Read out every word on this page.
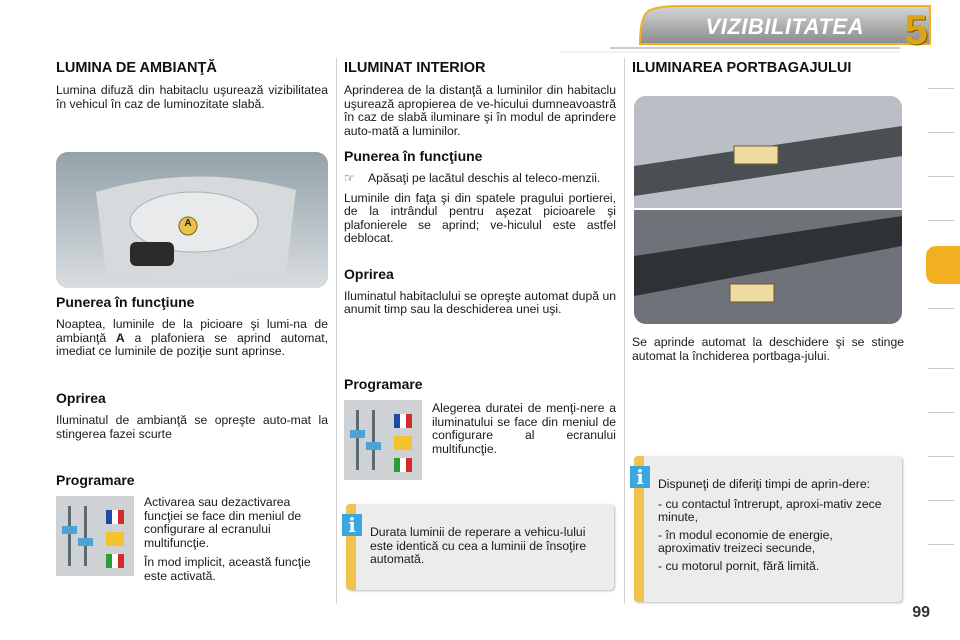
VIZIBILITATEA 5
LUMINA DE AMBIANŢĂ

Lumina difuză din habitaclu uşurează vizibilitatea în vehicul în caz de luminozitate slabă.

A
Punerea în funcţiune

Noaptea, luminile de la picioare şi lumi-na de ambianţă A a plafoniera se aprind automat, imediat ce luminile de poziţie sunt aprinse.

Oprirea

Iluminatul de ambianţă se opreşte auto-mat la stingerea fazei scurte

Programare

Activarea sau dezactivarea funcţiei se face din meniul de configurare al ecranului multifuncţie.

În mod implicit, această funcţie este activată.

ILUMINAT INTERIOR

Aprinderea de la distanţă a luminilor din habitaclu uşurează apropierea de ve-hicului dumneavoastră în caz de slabă iluminare şi în modul de aprindere auto-mată a luminilor.

Punerea în funcţiune
☞	Apăsaţi pe lacătul deschis al teleco-menzii.

Luminile din faţa şi din spatele pragului portierei, de la intrândul pentru aşezat picioarele şi plafonierele se aprind; ve-hiculul este astfel deblocat.

Oprirea

Iluminatul habitaclului se opreşte automat după un anumit timp sau la deschiderea unei uşi.

Programare

Alegerea duratei de menţi-nere a iluminatului se face din meniul de configurare al ecranului multifuncţie.

Durata luminii de reperare a vehicu-lului este identică cu cea a luminii de însoţire automată.

i
ILUMINAREA PORTBAGAJULUI

Se aprinde automat la deschidere şi se stinge automat la închiderea portbaga-jului.

Dispuneţi de diferiţi timpi de aprin-dere:

- cu contactul întrerupt, aproxi-mativ zece minute,
- în modul economie de energie, aproximativ treizeci secunde,
- cu motorul pornit, fără limită.
i
99
